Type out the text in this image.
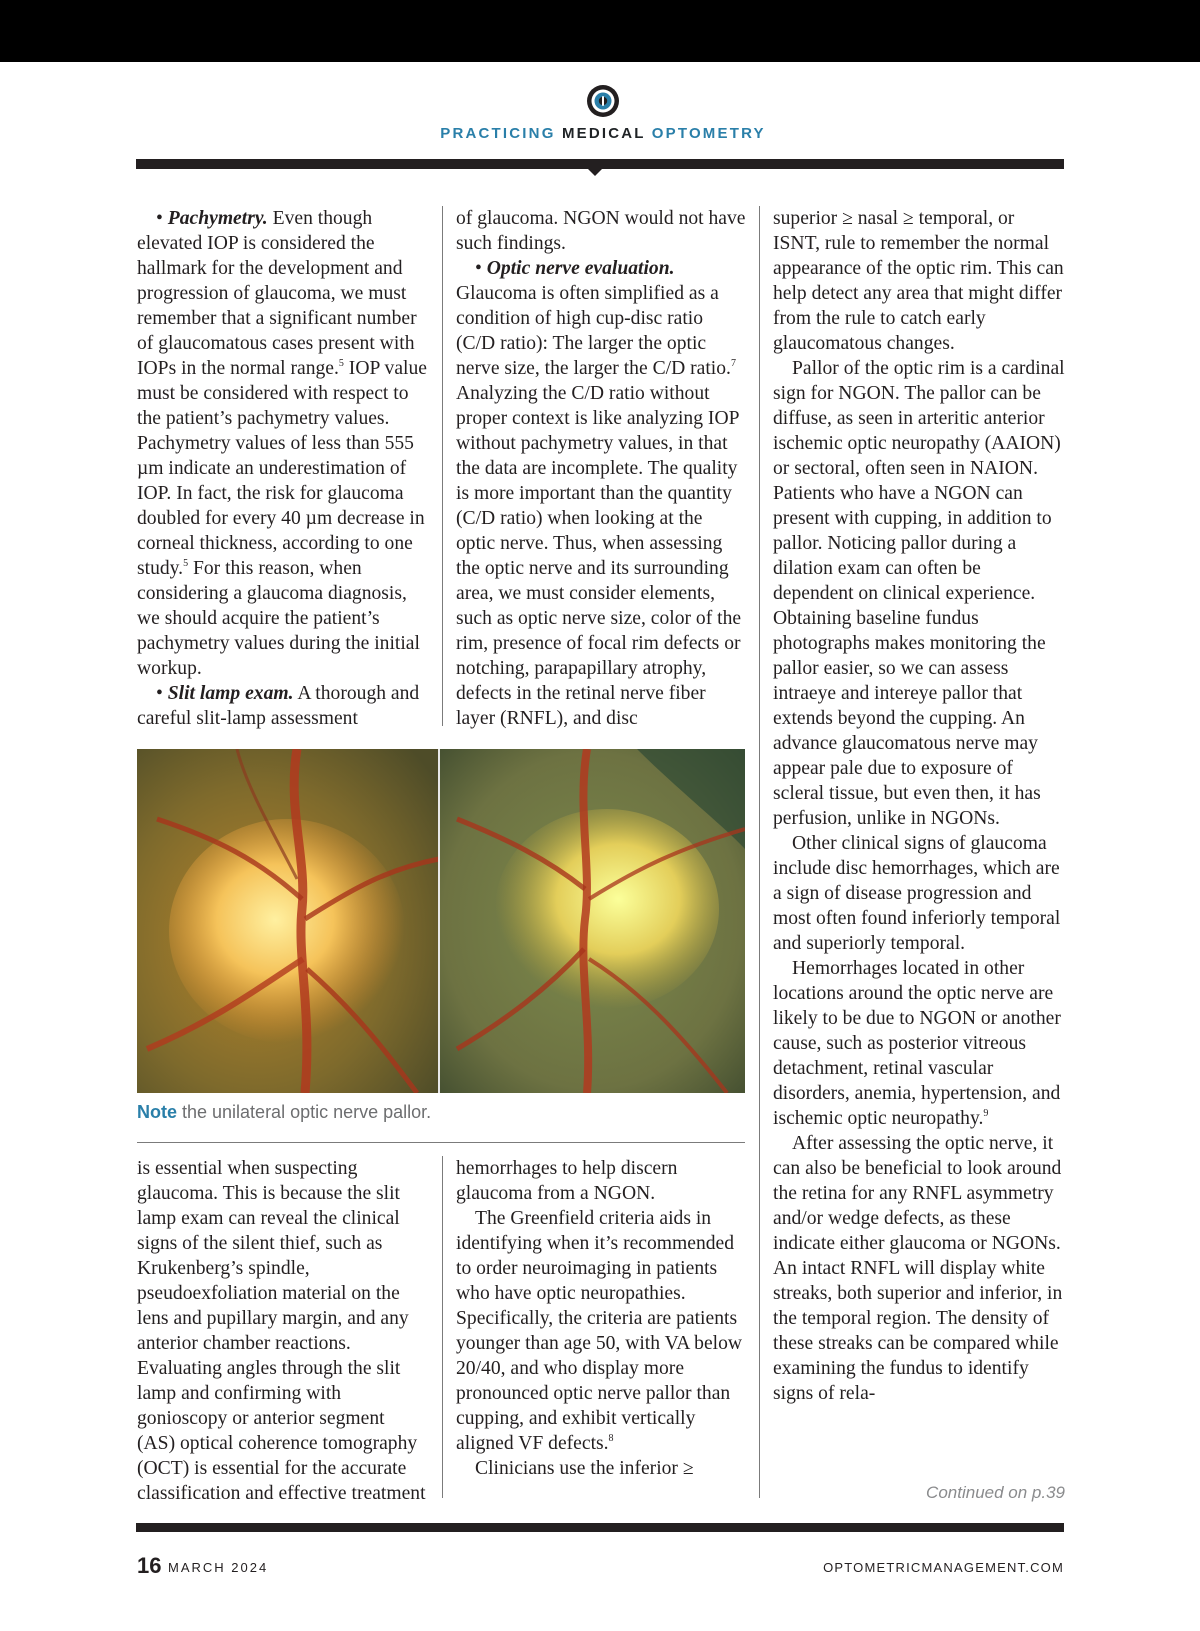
PRACTICING MEDICAL OPTOMETRY

• Pachymetry. Even though elevated IOP is considered the hallmark for the development and progression of glaucoma, we must remember that a significant number of glaucomatous cases present with IOPs in the normal range.$^5$ IOP value must be considered with respect to the patient’s pachymetry values. Pachymetry values of less than 555 µm indicate an underestimation of IOP. In fact, the risk for glaucoma doubled for every 40 µm decrease in corneal thickness, according to one study.$^5$ For this reason, when considering a glaucoma diagnosis, we should acquire the patient’s pachymetry values during the initial workup.

• Slit lamp exam. A thorough and careful slit-lamp assessment

of glaucoma. NGON would not have such findings.

• Optic nerve evaluation. Glaucoma is often simplified as a condition of high cup-disc ratio (C/D ratio): The larger the optic nerve size, the larger the C/D ratio.$^7$ Analyzing the C/D ratio without proper context is like analyzing IOP without pachymetry values, in that the data are incomplete. The quality is more important than the quantity (C/D ratio) when looking at the optic nerve. Thus, when assessing the optic nerve and its surrounding area, we must consider elements, such as optic nerve size, color of the rim, presence of focal rim defects or notching, parapapillary atrophy, defects in the retinal nerve fiber layer (RNFL), and disc

superior ≥ nasal ≥ temporal, or ISNT, rule to remember the normal appearance of the optic rim. This can help detect any area that might differ from the rule to catch early glaucomatous changes.

Pallor of the optic rim is a cardinal sign for NGON. The pallor can be diffuse, as seen in arteritic anterior ischemic optic neuropathy (AAION) or sectoral, often seen in NAION. Patients who have a NGON can present with cupping, in addition to pallor. Noticing pallor during a dilation exam can often be dependent on clinical experience. Obtaining baseline fundus photographs makes monitoring the pallor easier, so we can assess intraeye and intereye pallor that extends beyond the cupping. An advance glaucomatous nerve may appear pale due to exposure of scleral tissue, but even then, it has perfusion, unlike in NGONs.

Other clinical signs of glaucoma include disc hemorrhages, which are a sign of disease progression and most often found inferiorly temporal and superiorly temporal.

Hemorrhages located in other locations around the optic nerve are likely to be due to NGON or another cause, such as posterior vitreous detachment, retinal vascular disorders, anemia, hypertension, and ischemic optic neuropathy.$^9$

After assessing the optic nerve, it can also be beneficial to look around the retina for any RNFL asymmetry and/or wedge defects, as these indicate either glaucoma or NGONs. An intact RNFL will display white streaks, both superior and inferior, in the temporal region. The density of these streaks can be compared while examining the fundus to identify signs of rela-

Note the unilateral optic nerve pallor.

is essential when suspecting glaucoma. This is because the slit lamp exam can reveal the clinical signs of the silent thief, such as Krukenberg’s spindle, pseudoexfoliation material on the lens and pupillary margin, and any anterior chamber reactions. Evaluating angles through the slit lamp and confirming with gonioscopy or anterior segment (AS) optical coherence tomography (OCT) is essential for the accurate classification and effective treatment

hemorrhages to help discern glaucoma from a NGON.

The Greenfield criteria aids in identifying when it’s recommended to order neuroimaging in patients who have optic neuropathies. Specifically, the criteria are patients younger than age 50, with VA below 20/40, and who display more pronounced optic nerve pallor than cupping, and exhibit vertically aligned VF defects.$^8$

Clinicians use the inferior ≥

Continued on p.39
16 MARCH 2024	OPTOMETRICMANAGEMENT.COM
